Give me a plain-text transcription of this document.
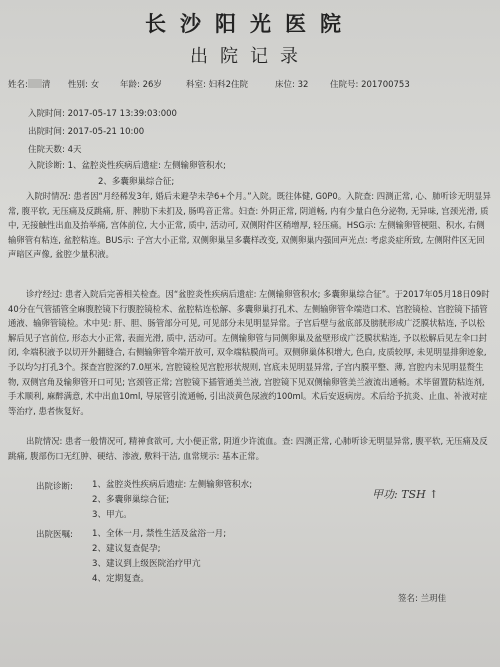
长沙阳光医院
出院记录
姓名: 清 性别: 女 年龄: 26岁	科室: 妇科2住院	床位: 32	住院号: 201700753
入院时间: 2017-05-17 13:39:03:000
出院时间: 2017-05-21 10:00
住院天数: 4天
入院诊断: 1、盆腔炎性疾病后遗症: 左侧输卵管积水;
2、多囊卵巢综合征;

入院时情况: 患者因“月经稀发3年, 婚后未避孕未孕6+个月。”入院。既往体健, G0P0。入院查: 四测正常, 心、肺听诊无明显异常, 腹平软, 无压痛及反跳痛, 肝、脾肋下未扪及, 肠鸣音正常。妇查: 外阴正常, 阴道畅, 内有少量白色分泌物, 无异味, 宫颈光滑, 质中, 无接触性出血及抬举痛, 宫体前位, 大小正常, 质中, 活动可, 双侧附件区稍增厚, 轻压痛。HSG示: 左侧输卵管梗阻、积水, 右侧输卵管有粘连, 盆腔粘连。BUS示: 子宫大小正常, 双侧卵巢呈多囊样改变, 双侧卵巢内强回声光点: 考虑炎症所致, 左侧附件区无回声暗区声像, 盆腔少量积液。

诊疗经过: 患者入院后完善相关检查。因“盆腔炎性疾病后遗症: 左侧输卵管积水; 多囊卵巢综合征”。于2017年05月18日09时40分在气管插管全麻腹腔镜下行腹腔镜检术、盆腔粘连松解、多囊卵巢打孔术、左侧输卵管伞端造口术、宫腔镜检、宫腔镜下插管通液、输卵管镜检。术中见: 肝、胆、肠管部分可见, 可见部分未见明显异常。子宫后壁与盆底部及膀胱形成广泛膜状粘连, 予以松解后见子宫前位, 形态大小正常, 表面光滑, 质中, 活动可。左侧输卵管与同侧卵巢及盆壁形成广泛膜状粘连, 予以松解后见左伞口封闭, 伞端积液予以切开外翻缝合, 右侧输卵管伞端开放可, 双伞端粘膜尚可。双侧卵巢体积增大, 色白, 皮质较厚, 未见明显排卵迹象, 予以均匀打孔3个。探查宫腔深约7.0厘米, 宫腔镜检见宫腔形状规则, 宫底未见明显异常, 子宫内膜平整、薄, 宫腔内未见明显赘生物, 双侧宫角及输卵管开口可见; 宫颈管正常; 宫腔镜下插管通美兰液, 宫腔镜下见双侧输卵管美兰液流出通畅。术毕留置防粘连剂, 手术顺利, 麻醉满意, 术中出血10ml, 导尿管引流通畅, 引出淡黄色尿液约100ml。术后安返病房。术后给予抗炎、止血、补液对症等治疗, 患者恢复好。

出院情况: 患者一般情况可, 精神食欲可, 大小便正常, 阴道少许流血。查: 四测正常, 心肺听诊无明显异常, 腹平软, 无压痛及反跳痛, 腹部伤口无红肿、硬结、渗液, 敷料干洁, 血常规示: 基本正常。

出院诊断: 1、盆腔炎性疾病后遗症: 左侧输卵管积水;
2、多囊卵巢综合征;
3、甲亢。
甲功: TSH ↑
出院医嘱: 1、全休一月, 禁性生活及盆浴一月;
2、建议复查促孕;
3、建议到上级医院治疗甲亢
4、定期复查。
签名: 兰玥佳
